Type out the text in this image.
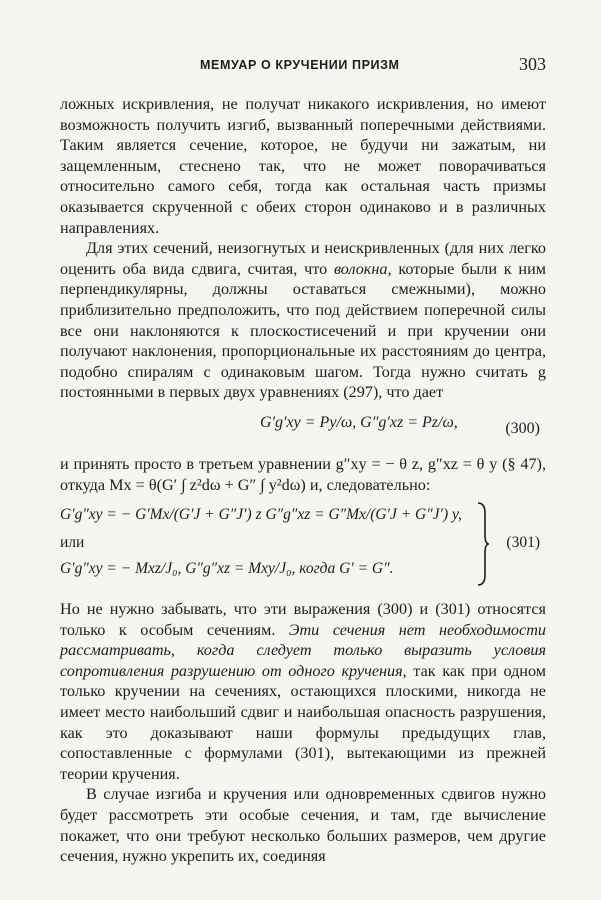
МЕМУАР О КРУЧЕНИИ ПРИЗМ	303

ложных искривления, не получат никакого искривления, но имеют возможность получить изгиб, вызванный поперечными действиями. Таким является сечение, которое, не будучи ни зажатым, ни защемленным, стеснено так, что не может поворачиваться относительно самого себя, тогда как остальная часть призмы оказывается скрученной с обеих сторон одинаково и в различных направлениях.

Для этих сечений, неизогнутых и неискривленных (для них легко оценить оба вида сдвига, считая, что волокна, которые были к ним перпендикулярны, должны оставаться смежными), можно приблизительно предположить, что под действием поперечной силы все они наклоняются к плоскостисечений и при кручении они получают наклонения, пропорциональные их расстояниям до центра, подобно спиралям с одинаковым шагом. Тогда нужно считать g постоянными в первых двух уравнениях (297), что дает

G′g′xy = Py/ω, G″g′xz = Pz/ω,	(300)

и принять просто в третьем уравнении g″xy = − θ z, g″xz = θ y (§ 47), откуда Mx = θ(G′ ∫ z²dω + G″ ∫ y²dω) и, следовательно:

G′g″xy = − G′Mx/(G′J + G″J′) z G″g″xz = G″Mx/(G′J + G″J′) y,
или
G′g″xy = − Mxz/J₀, G″g″xz = Mxy/J₀, когда G′ = G″.
(301)

Но не нужно забывать, что эти выражения (300) и (301) относятся только к особым сечениям. Эти сечения нет необходимости рассматривать, когда следует только выразить условия сопротивления разрушению от одного кручения, так как при одном только кручении на сечениях, остающихся плоскими, никогда не имеет место наибольший сдвиг и наибольшая опасность разрушения, как это доказывают наши формулы предыдущих глав, сопоставленные с формулами (301), вытекающими из прежней теории кручения.

В случае изгиба и кручения или одновременных сдвигов нужно будет рассмотреть эти особые сечения, и там, где вычисление покажет, что они требуют несколько больших размеров, чем другие сечения, нужно укрепить их, соединяя
